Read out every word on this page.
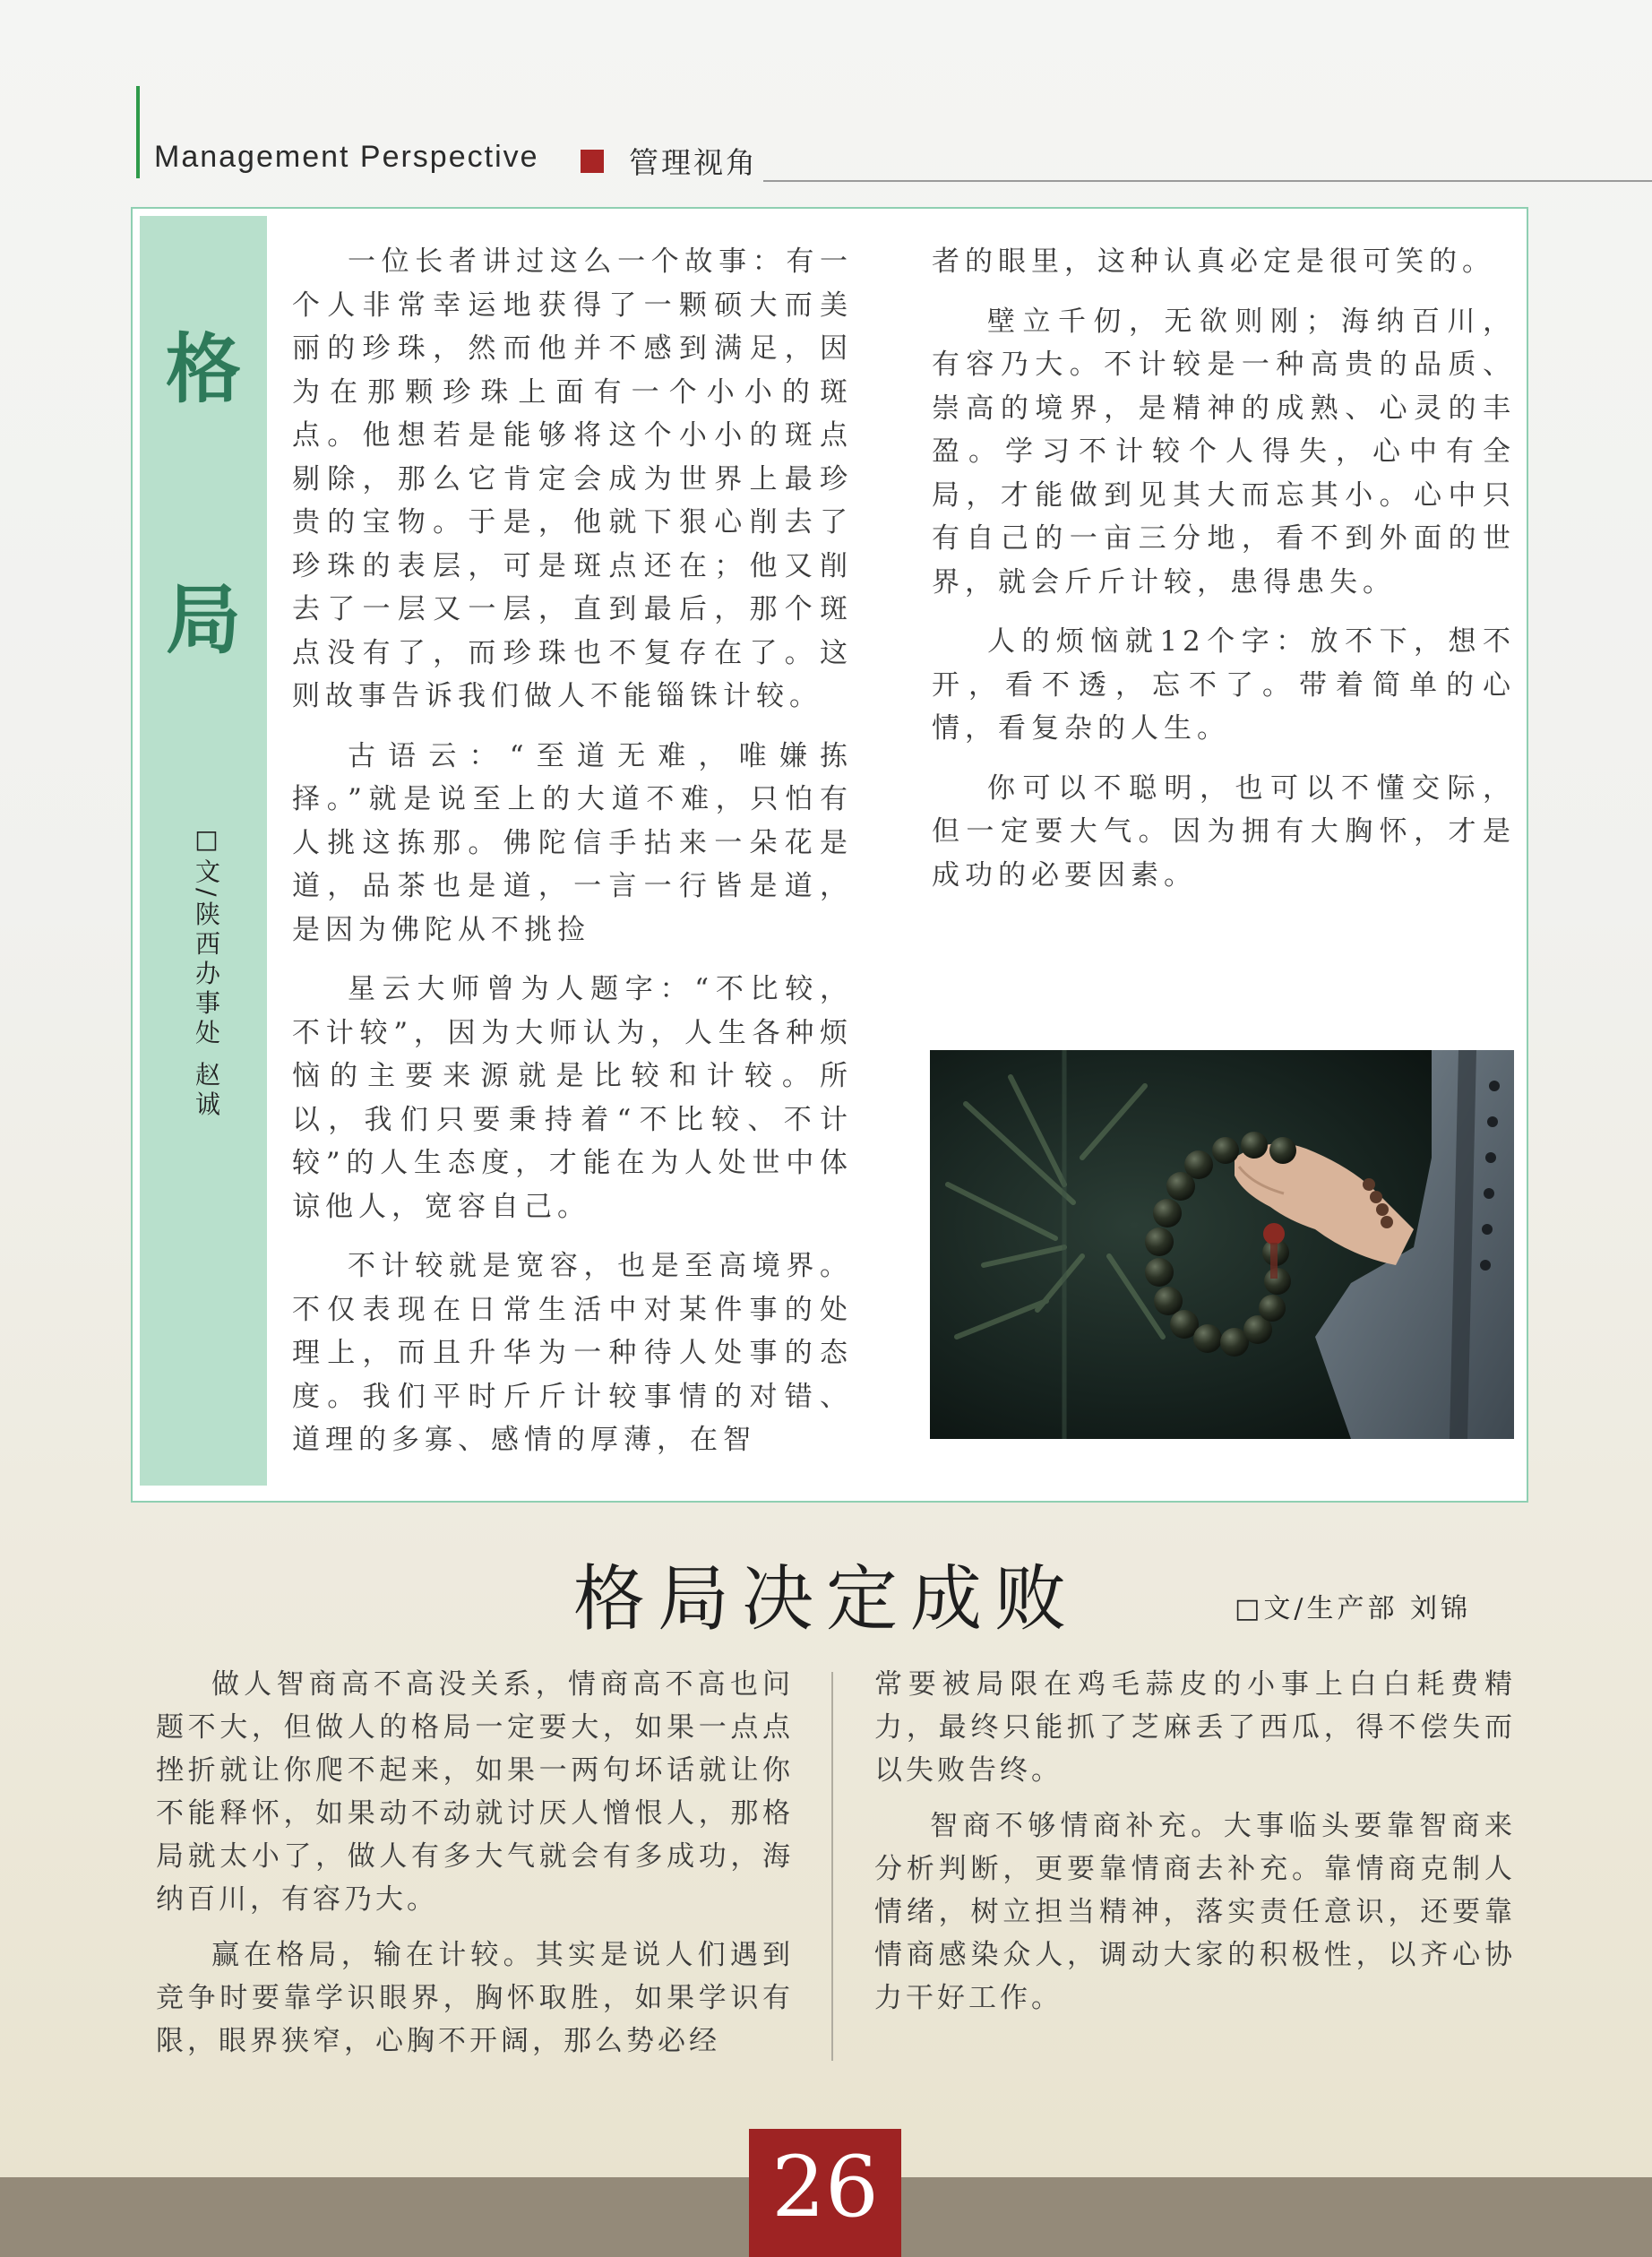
Management Perspective	管理视角
格
局
□文/陕西办事处 赵诚

一位长者讲过这么一个故事：有一个人非常幸运地获得了一颗硕大而美丽的珍珠，然而他并不感到满足，因为在那颗珍珠上面有一个小小的斑点。他想若是能够将这个小小的斑点剔除，那么它肯定会成为世界上最珍贵的宝物。于是，他就下狠心削去了珍珠的表层，可是斑点还在；他又削去了一层又一层，直到最后，那个斑点没有了，而珍珠也不复存在了。这则故事告诉我们做人不能锱铢计较。

古语云：“至道无难，唯嫌拣择。”就是说至上的大道不难，只怕有人挑这拣那。佛陀信手拈来一朵花是道，品茶也是道，一言一行皆是道，是因为佛陀从不挑捡

星云大师曾为人题字：“不比较，不计较”，因为大师认为，人生各种烦恼的主要来源就是比较和计较。所以，我们只要秉持着“不比较、不计较”的人生态度，才能在为人处世中体谅他人，宽容自己。

不计较就是宽容，也是至高境界。不仅表现在日常生活中对某件事的处理上，而且升华为一种待人处事的态度。我们平时斤斤计较事情的对错、道理的多寡、感情的厚薄，在智

者的眼里，这种认真必定是很可笑的。

壁立千仞，无欲则刚；海纳百川，有容乃大。不计较是一种高贵的品质、崇高的境界，是精神的成熟、心灵的丰盈。学习不计较个人得失，心中有全局，才能做到见其大而忘其小。心中只有自己的一亩三分地，看不到外面的世界，就会斤斤计较，患得患失。

人的烦恼就12个字：放不下，想不开，看不透，忘不了。带着简单的心情，看复杂的人生。

你可以不聪明，也可以不懂交际，但一定要大气。因为拥有大胸怀，才是成功的必要因素。

格局决定成败	□文/生产部 刘锦

做人智商高不高没关系，情商高不高也问题不大，但做人的格局一定要大，如果一点点挫折就让你爬不起来，如果一两句坏话就让你不能释怀，如果动不动就讨厌人憎恨人，那格局就太小了，做人有多大气就会有多成功，海纳百川，有容乃大。

赢在格局，输在计较。其实是说人们遇到竞争时要靠学识眼界，胸怀取胜，如果学识有限，眼界狭窄，心胸不开阔，那么势必经

常要被局限在鸡毛蒜皮的小事上白白耗费精力，最终只能抓了芝麻丢了西瓜，得不偿失而以失败告终。

智商不够情商补充。大事临头要靠智商来分析判断，更要靠情商去补充。靠情商克制人情绪，树立担当精神，落实责任意识，还要靠情商感染众人，调动大家的积极性，以齐心协力干好工作。

26
